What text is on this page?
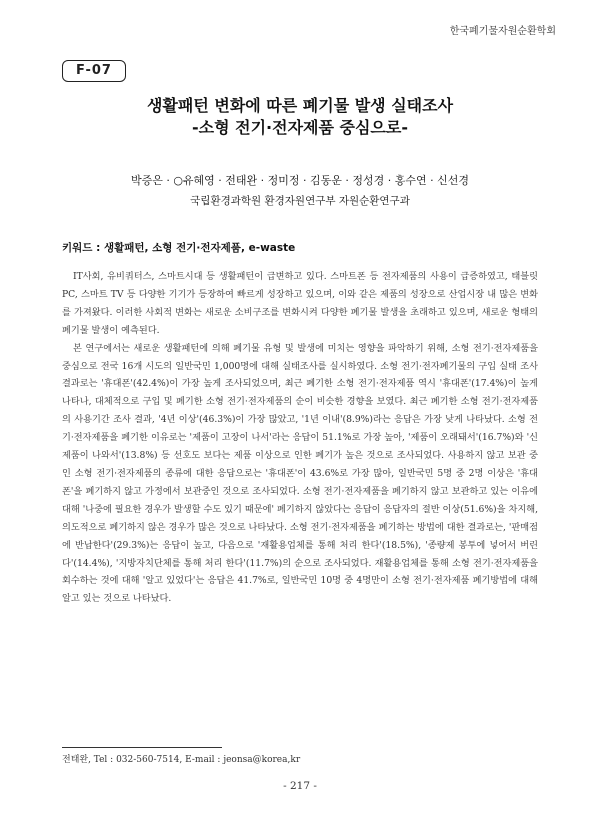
한국폐기물자원순환학회
F-07
생활패턴 변화에 따른 폐기물 발생 실태조사
-소형 전기·전자제품 중심으로-
박증은 · ○유혜영 · 전태완 · 정미정 · 김동운 · 정성경 · 홍수연 · 신선경
국립환경과학원 환경자원연구부 자원순환연구과
키워드 : 생활패턴, 소형 전기·전자제품, e-waste

IT사회, 유비쿼터스, 스마트시대 등 생활패턴이 급변하고 있다. 스마트폰 등 전자제품의 사용이 급증하였고, 태블릿PC, 스마트 TV 등 다양한 기기가 등장하여 빠르게 성장하고 있으며, 이와 같은 제품의 성장으로 산업시장 내 많은 변화를 가져왔다. 이러한 사회적 변화는 새로운 소비구조를 변화시켜 다양한 폐기물 발생을 초래하고 있으며, 새로운 형태의 폐기물 발생이 예측된다.

본 연구에서는 새로운 생활패턴에 의해 폐기물 유형 및 발생에 미치는 영향을 파악하기 위해, 소형 전기·전자제품을 중심으로 전국 16개 시도의 일반국민 1,000명에 대해 실태조사를 실시하였다. 소형 전기·전자폐기물의 구입 실태 조사 결과로는 '휴대폰'(42.4%)이 가장 높게 조사되었으며, 최근 폐기한 소형 전기·전자제품 역시 '휴대폰'(17.4%)이 높게 나타나, 대체적으로 구입 및 폐기한 소형 전기·전자제품의 순이 비슷한 경향을 보였다. 최근 폐기한 소형 전기·전자제품의 사용기간 조사 결과, '4년 이상'(46.3%)이 가장 많았고, '1년 이내'(8.9%)라는 응답은 가장 낮게 나타났다. 소형 전기·전자제품을 폐기한 이유로는 '제품이 고장이 나서'라는 응답이 51.1%로 가장 높아, '제품이 오래돼서'(16.7%)와 '신제품이 나와서'(13.8%) 등 선호도 보다는 제품 이상으로 인한 폐기가 높은 것으로 조사되었다. 사용하지 않고 보관 중인 소형 전기·전자제품의 종류에 대한 응답으로는 '휴대폰'이 43.6%로 가장 많아, 일반국민 5명 중 2명 이상은 '휴대폰'을 폐기하지 않고 가정에서 보관중인 것으로 조사되었다. 소형 전기·전자제품을 폐기하지 않고 보관하고 있는 이유에 대해 '나중에 필요한 경우가 발생할 수도 있기 때문에' 폐기하지 않았다는 응답이 응답자의 절반 이상(51.6%)을 차지해, 의도적으로 폐기하지 않은 경우가 많은 것으로 나타났다. 소형 전기·전자제품을 폐기하는 방법에 대한 결과로는, '판매점에 반납한다'(29.3%)는 응답이 높고, 다음으로 '재활용업체를 통해 처리 한다'(18.5%), '종량제 봉투에 넣어서 버린다'(14.4%), '지방자치단체를 통해 처리 한다'(11.7%)의 순으로 조사되었다. 재활용업체를 통해 소형 전기·전자제품을 회수하는 것에 대해 '알고 있었다'는 응답은 41.7%로, 일반국민 10명 중 4명만이 소형 전기·전자제품 폐기방법에 대해 알고 있는 것으로 나타났다.

전태완, Tel : 032-560-7514, E-mail : jeonsa@korea,kr
- 217 -
